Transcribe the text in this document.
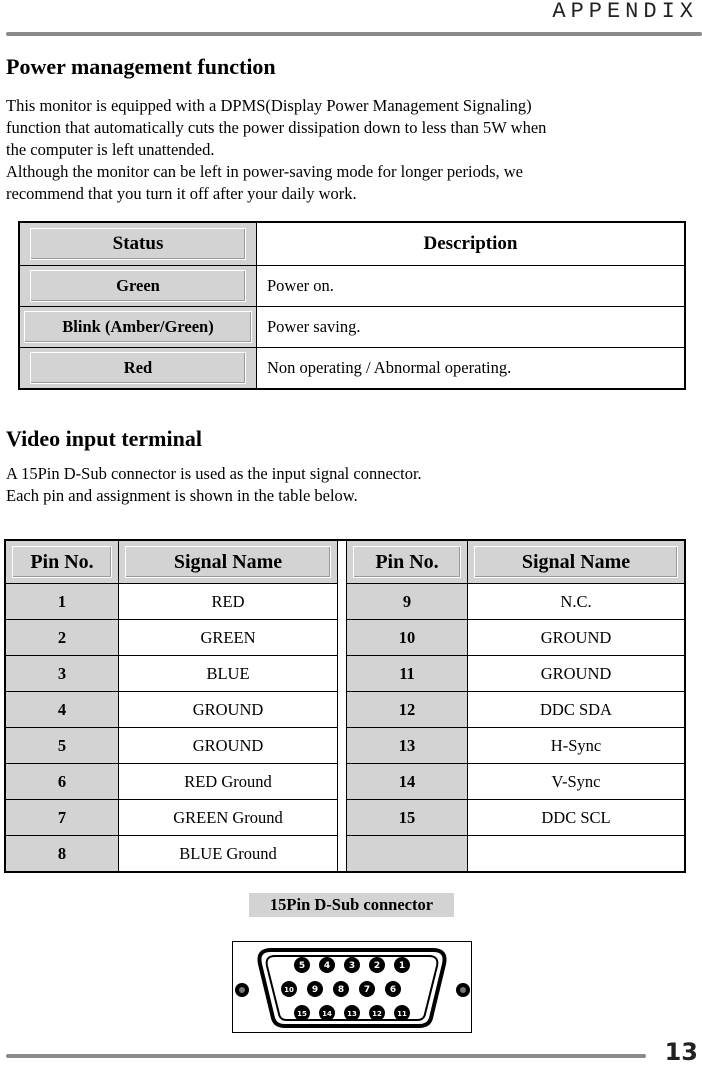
APPENDIX
Power management function
This monitor is equipped with a DPMS(Display Power Management Signaling)
function that automatically cuts the power dissipation down to less than 5W when
the computer is left unattended.
Although the monitor can be left in power-saving mode for longer periods, we
recommend that you turn it off after your daily work.
Status	Description

Green	Power on.

Blink (Amber/Green)	Power saving.

Red	Non operating / Abnormal operating.
Video input terminal
A 15Pin D-Sub connector is used as the input signal connector.
Each pin and assignment is shown in the table below.
Pin No.	Signal Name		Pin No.	Signal Name

1	RED		9	N.C.
2	GREEN		10	GROUND
3	BLUE		11	GROUND
4	GROUND		12	DDC SDA
5	GROUND		13	H-Sync
6	RED Ground		14	V-Sync
7	GREEN Ground		15	DDC SCL
8	BLUE Ground			
15Pin D-Sub connector
5 4 3 2 1
10 9 8 7 6
15 14 13 12 11
13
